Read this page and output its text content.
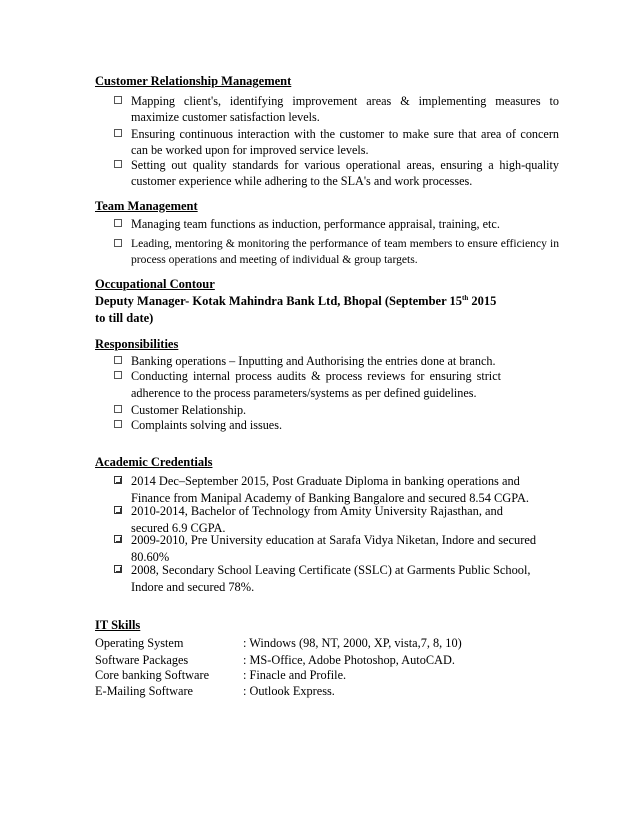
Customer Relationship Management
Mapping client's, identifying improvement areas & implementing measures to maximize customer satisfaction levels.
Ensuring continuous interaction with the customer to make sure that area of concern can be worked upon for improved service levels.
Setting out quality standards for various operational areas, ensuring a high-quality customer experience while adhering to the SLA's and work processes.
Team Management
Managing team functions as induction, performance appraisal, training, etc.
Leading, mentoring & monitoring the performance of team members to ensure efficiency in process operations and meeting of individual & group targets.
Occupational Contour
Deputy Manager- Kotak Mahindra Bank Ltd, Bhopal (September 15th 2015
to till date)
Responsibilities
Banking operations – Inputting and Authorising the entries done at branch.
Conducting internal process audits & process reviews for ensuring strict adherence to the process parameters/systems as per defined guidelines.
Customer Relationship.
Complaints solving and issues.
Academic Credentials
2014 Dec–September 2015, Post Graduate Diploma in banking operations and Finance from Manipal Academy of Banking Bangalore and secured 8.54 CGPA.
2010-2014, Bachelor of Technology from Amity University Rajasthan, and secured 6.9 CGPA.
2009-2010, Pre University education at Sarafa Vidya Niketan, Indore and secured 80.60%
2008, Secondary School Leaving Certificate (SSLC) at Garments Public School, Indore and secured 78%.
IT Skills
Operating System	: Windows (98, NT, 2000, XP, vista,7, 8, 10)
Software Packages	: MS-Office, Adobe Photoshop, AutoCAD.
Core banking Software	: Finacle and Profile.
E-Mailing Software	: Outlook Express.
